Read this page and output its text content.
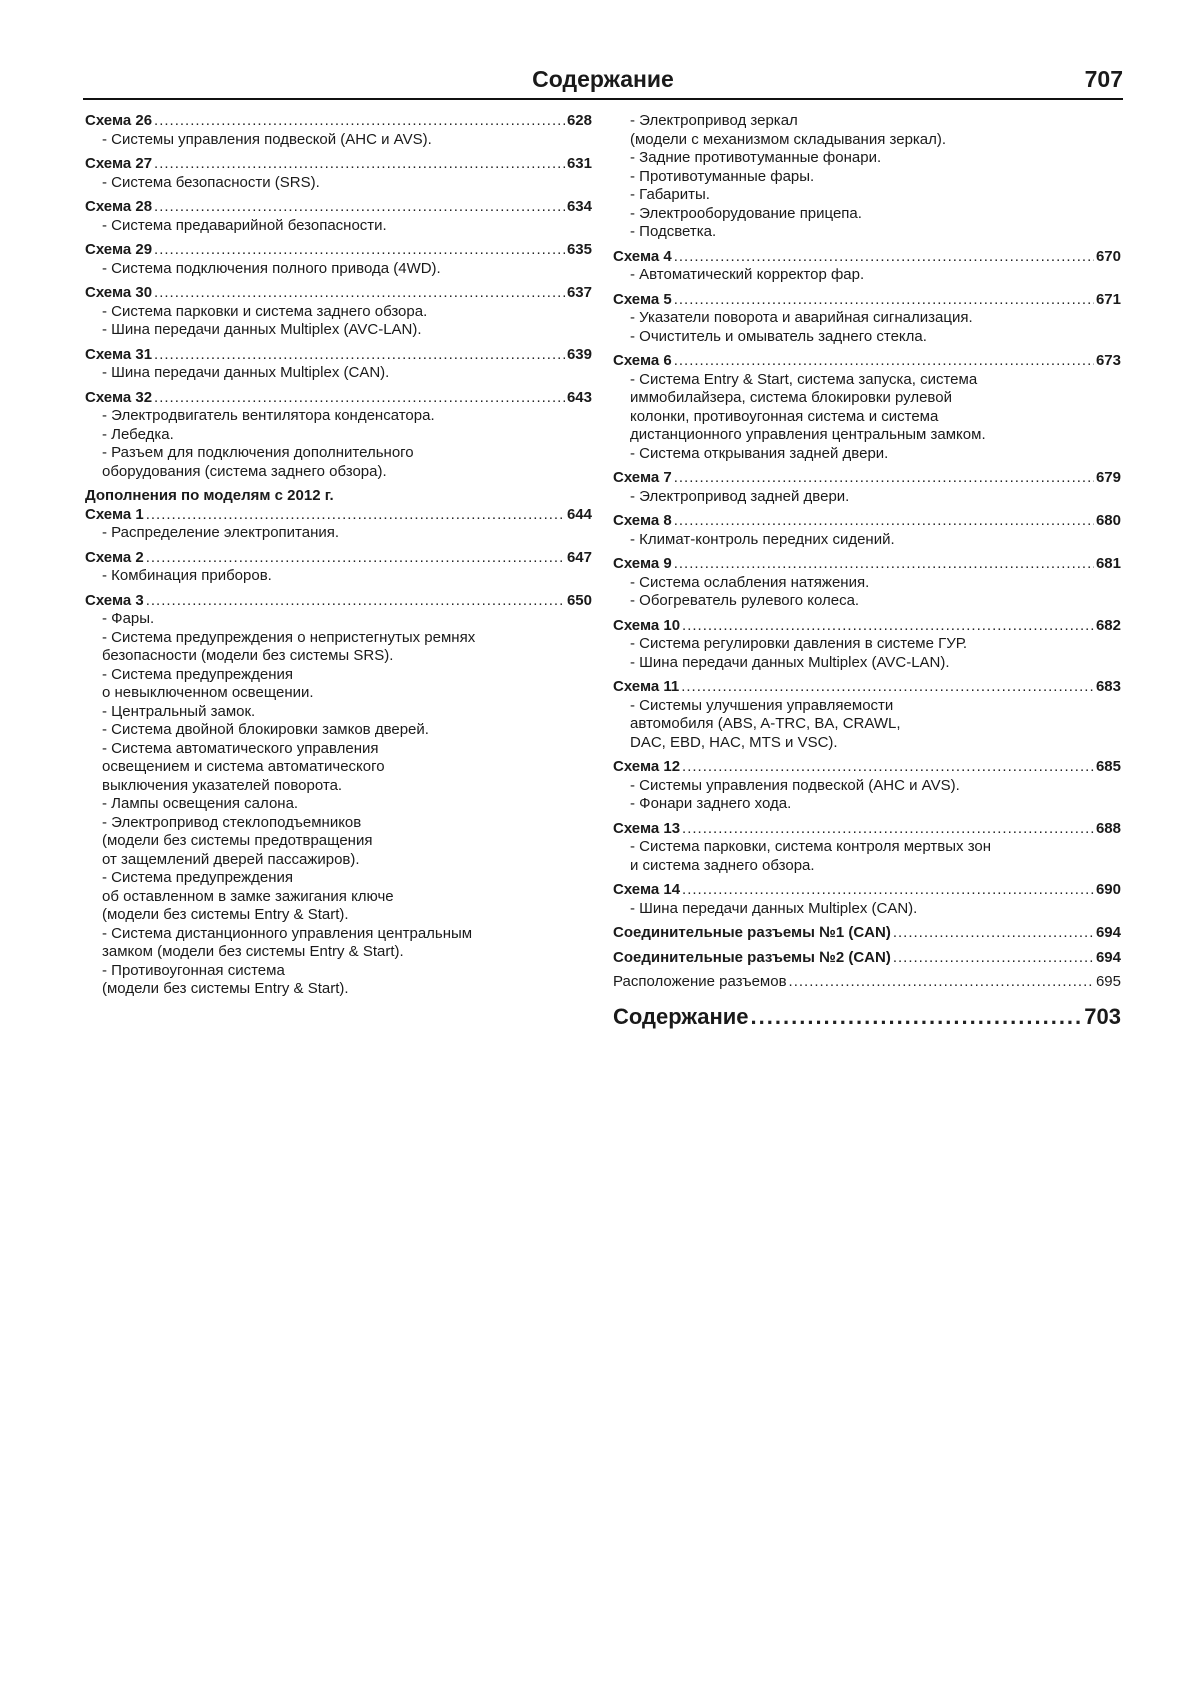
Содержание	707
Схема 26 .....	628
- Системы управления подвеской (AHC и AVS).
Схема 27 .....	631
- Система безопасности (SRS).
Схема 28 .....	634
- Система предаварийной безопасности.
Схема 29 .....	635
- Система подключения полного привода (4WD).
Схема 30 .....	637
- Система парковки и система заднего обзора.
- Шина передачи данных Multiplex (AVC-LAN).
Схема 31 .....	639
- Шина передачи данных Multiplex (CAN).
Схема 32 .....	643
- Электродвигатель вентилятора конденсатора.
- Лебедка.
- Разъем для подключения дополнительного
оборудования (система заднего обзора).
Дополнения по моделям с 2012 г.
Схема 1 .....	644
- Распределение электропитания.
Схема 2 .....	647
- Комбинация приборов.
Схема 3 .....	650
- Фары.
- Система предупреждения о непристегнутых ремнях
безопасности (модели без системы SRS).
- Система предупреждения
о невыключенном освещении.
- Центральный замок.
- Система двойной блокировки замков дверей.
- Система автоматического управления
освещением и система автоматического
выключения указателей поворота.
- Лампы освещения салона.
- Электропривод стеклоподъемников
(модели без системы предотвращения
от защемлений дверей пассажиров).
- Система предупреждения
об оставленном в замке зажигания ключе
(модели без системы Entry & Start).
- Система дистанционного управления центральным
замком (модели без системы Entry & Start).
- Противоугонная система
(модели без системы Entry & Start).
- Электропривод зеркал
(модели с механизмом складывания зеркал).
- Задние противотуманные фонари.
- Противотуманные фары.
- Габариты.
- Электрооборудование прицепа.
- Подсветка.
Схема 4 .....	670
- Автоматический корректор фар.
Схема 5 .....	671
- Указатели поворота и аварийная сигнализация.
- Очиститель и омыватель заднего стекла.
Схема 6 .....	673
- Система Entry & Start, система запуска, система
иммобилайзера, система блокировки рулевой
колонки, противоугонная система и система
дистанционного управления центральным замком.
- Система открывания задней двери.
Схема 7 .....	679
- Электропривод задней двери.
Схема 8 .....	680
- Климат-контроль передних сидений.
Схема 9 .....	681
- Система ослабления натяжения.
- Обогреватель рулевого колеса.
Схема 10 .....	682
- Система регулировки давления в системе ГУР.
- Шина передачи данных Multiplex (AVC-LAN).
Схема 11 .....	683
- Системы улучшения управляемости
автомобиля (ABS, A-TRC, BA, CRAWL,
DAC, EBD, HAC, MTS и VSC).
Схема 12 .....	685
- Системы управления подвеской (AHC и AVS).
- Фонари заднего хода.
Схема 13 .....	688
- Система парковки, система контроля мертвых зон
и система заднего обзора.
Схема 14 .....	690
- Шина передачи данных Multiplex (CAN).
Соединительные разъемы №1 (CAN) .....	694
Соединительные разъемы №2 (CAN) .....	694
Расположение разъемов .....	695
Содержание .....	703
